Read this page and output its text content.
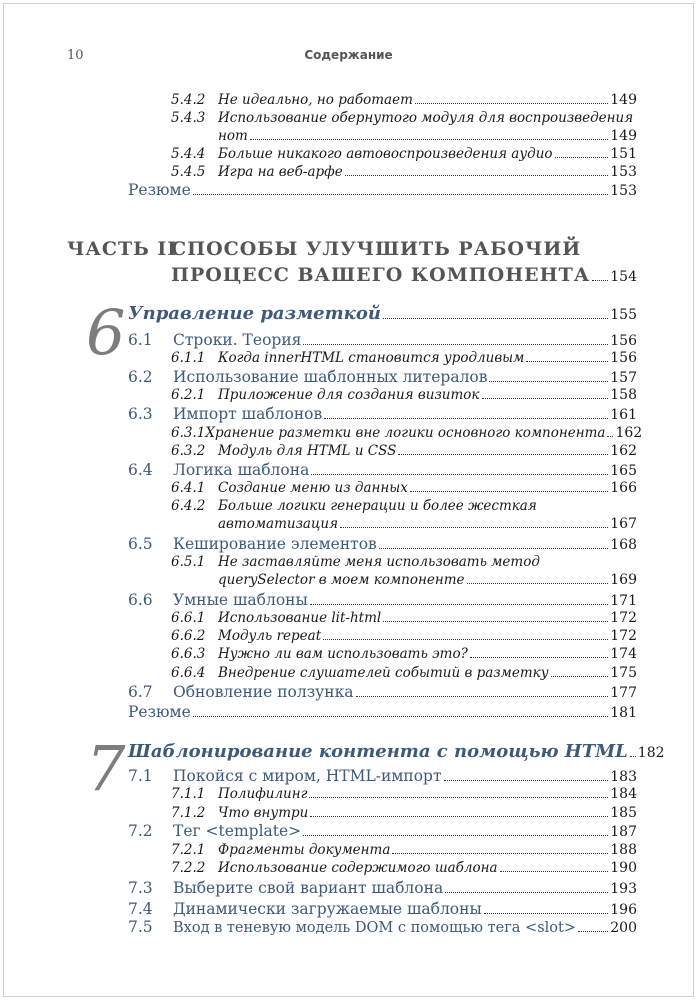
10	Содержание
5.4.2 Не идеально, но работает	149
5.4.3 Использование обернутого модуля для воспроизведения
нот	149
5.4.4 Больше никакого автовоспроизведения аудио	151
5.4.5 Игра на веб-арфе	153
Резюме	153
ЧАСТЬ II
СПОСОБЫ УЛУЧШИТЬ РАБОЧИЙ
ПРОЦЕСС ВАШЕГО КОМПОНЕНТА 154
6 Управление разметкой	155
6.1	Строки. Теория	156
6.1.1 Когда innerHTML становится уродливым	156
6.2	Использование шаблонных литералов	157
6.2.1 Приложение для создания визиток	158
6.3	Импорт шаблонов	161
6.3.1 Хранение разметки вне логики основного компонента 162
6.3.2 Модуль для HTML и CSS	162
6.4	Логика шаблона	165
6.4.1 Создание меню из данных	166
6.4.2 Больше логики генерации и более жесткая
автоматизация	167
6.5	Кеширование элементов	168
6.5.1 Не заставляйте меня использовать метод
querySelector в моем компоненте	169
6.6	Умные шаблоны	171
6.6.1 Использование lit-html	172
6.6.2 Модуль repeat	172
6.6.3 Нужно ли вам использовать это?	174
6.6.4 Внедрение слушателей событий в разметку	175
6.7	Обновление ползунка	177
Резюме	181
7 Шаблонирование контента с помощью HTML 182
7.1	Покойся с миром, HTML-импорт	183
7.1.1 Полифилинг	184
7.1.2 Что внутри	185
7.2	Тег <template>	187
7.2.1 Фрагменты документа	188
7.2.2 Использование содержимого шаблона	190
7.3	Выберите свой вариант шаблона	193
7.4	Динамически загружаемые шаблоны	196
7.5	Вход в теневую модель DOM с помощью тега <slot> 200
